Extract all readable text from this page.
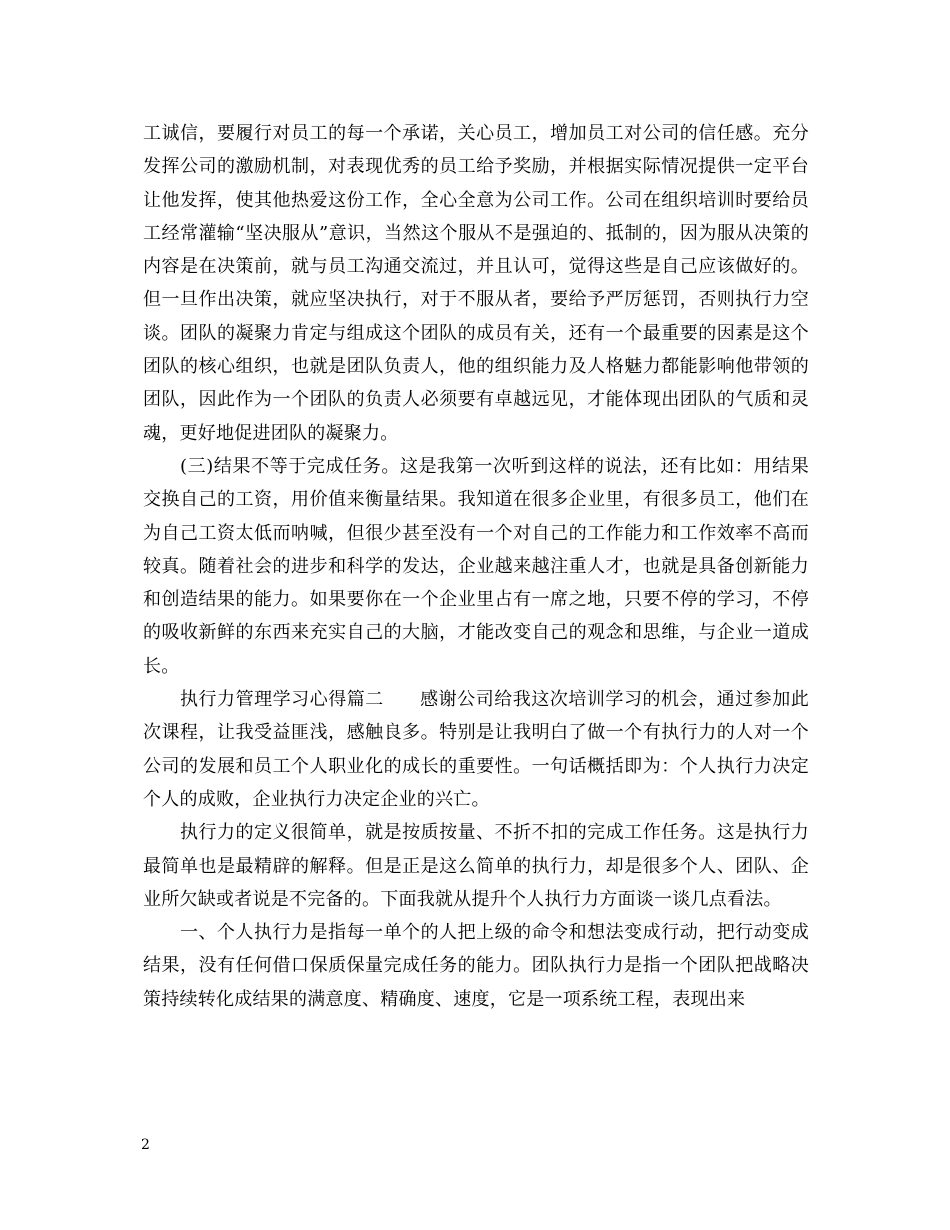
工诚信，要履行对员工的每一个承诺，关心员工，增加员工对公司的信任感。充分发挥公司的激励机制，对表现优秀的员工给予奖励，并根据实际情况提供一定平台让他发挥，使其他热爱这份工作，全心全意为公司工作。公司在组织培训时要给员工经常灌输“坚决服从”意识，当然这个服从不是强迫的、抵制的，因为服从决策的内容是在决策前，就与员工沟通交流过，并且认可，觉得这些是自己应该做好的。但一旦作出决策，就应坚决执行，对于不服从者，要给予严厉惩罚，否则执行力空谈。团队的凝聚力肯定与组成这个团队的成员有关，还有一个最重要的因素是这个团队的核心组织，也就是团队负责人，他的组织能力及人格魅力都能影响他带领的团队，因此作为一个团队的负责人必须要有卓越远见，才能体现出团队的气质和灵魂，更好地促进团队的凝聚力。

(三)结果不等于完成任务。这是我第一次听到这样的说法，还有比如：用结果交换自己的工资，用价值来衡量结果。我知道在很多企业里，有很多员工，他们在为自己工资太低而呐喊，但很少甚至没有一个对自己的工作能力和工作效率不高而较真。随着社会的进步和科学的发达，企业越来越注重人才，也就是具备创新能力和创造结果的能力。如果要你在一个企业里占有一席之地，只要不停的学习，不停的吸收新鲜的东西来充实自己的大脑，才能改变自己的观念和思维，与企业一道成长。

执行力管理学习心得篇二 感谢公司给我这次培训学习的机会，通过参加此次课程，让我受益匪浅，感触良多。特别是让我明白了做一个有执行力的人对一个公司的发展和员工个人职业化的成长的重要性。一句话概括即为：个人执行力决定个人的成败，企业执行力决定企业的兴亡。

执行力的定义很简单，就是按质按量、不折不扣的完成工作任务。这是执行力最简单也是最精辟的解释。但是正是这么简单的执行力，却是很多个人、团队、企业所欠缺或者说是不完备的。下面我就从提升个人执行力方面谈一谈几点看法。

一、个人执行力是指每一单个的人把上级的命令和想法变成行动，把行动变成结果，没有任何借口保质保量完成任务的能力。团队执行力是指一个团队把战略决策持续转化成结果的满意度、精确度、速度，它是一项系统工程，表现出来

2
